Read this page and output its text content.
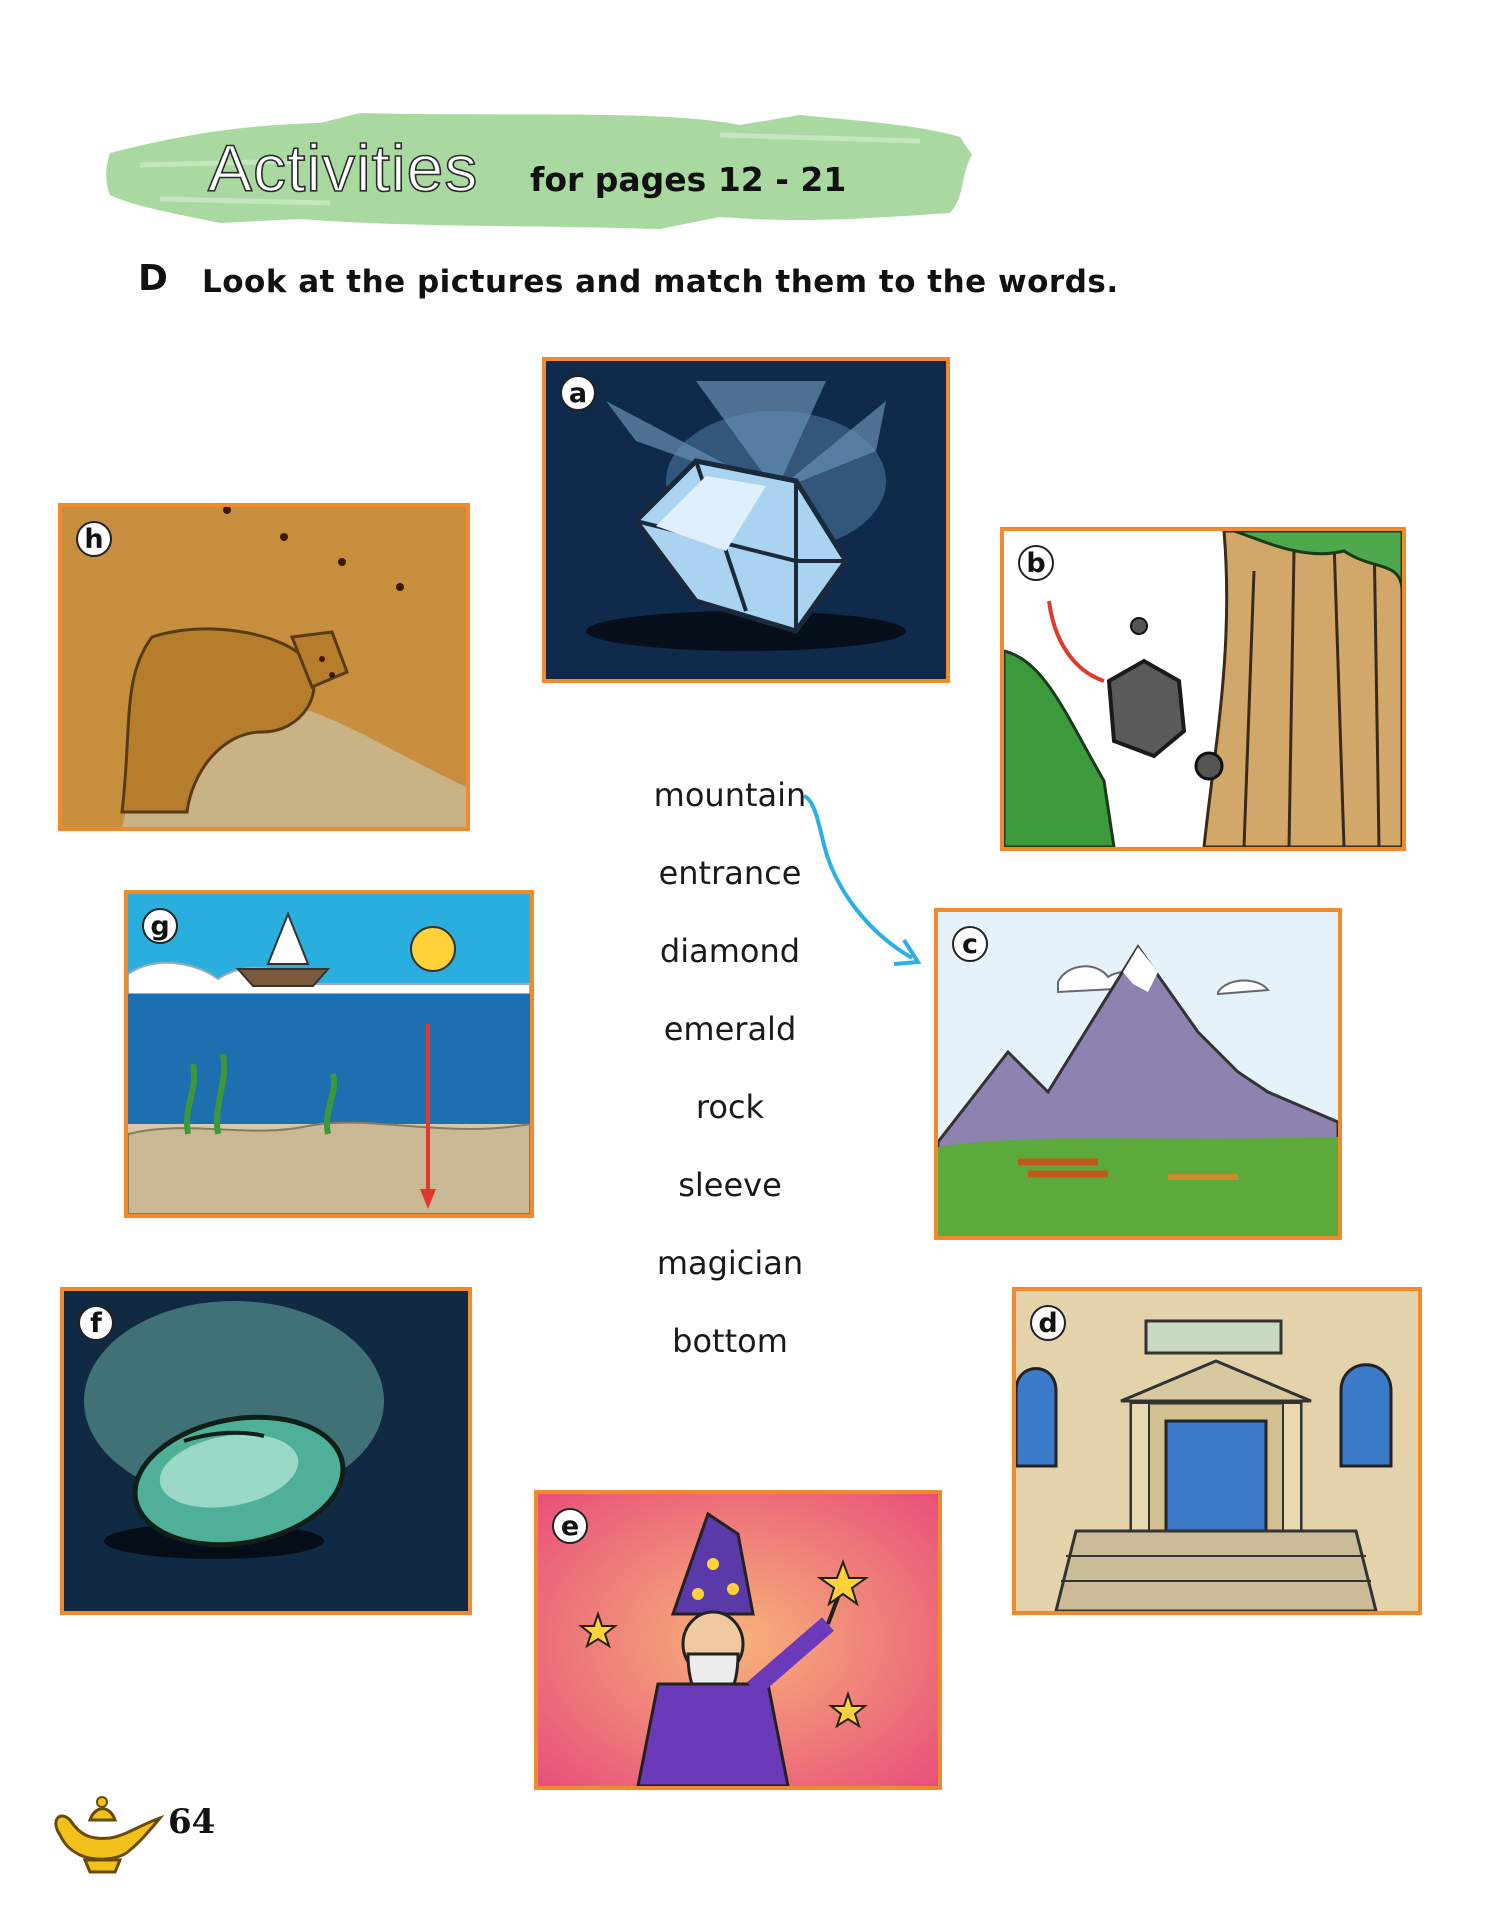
Activities for pages 12 - 21
D Look at the pictures and match them to the words.
a
h
b
g
c
f	d
e
mountain
entrance
diamond
emerald
rock
sleeve
magician
bottom
64
